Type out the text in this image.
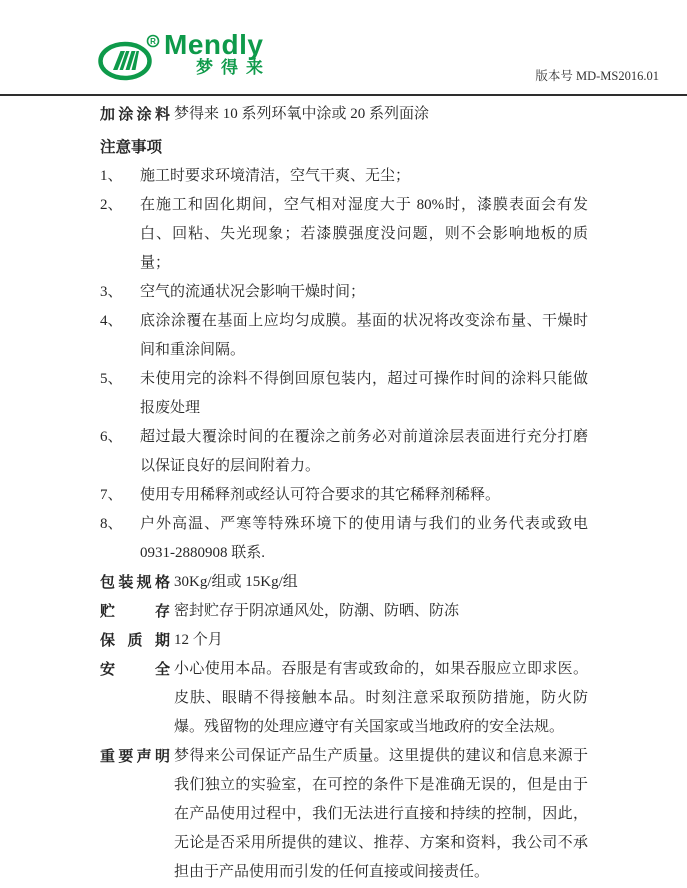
R Mendly
梦得来	版本号 MD-MS2016.01
加涂涂料 梦得来 10 系列环氧中涂或 20 系列面涂
注意事项
1、	施工时要求环境清洁，空气干爽、无尘；
2、	在施工和固化期间，空气相对湿度大于 80%时，漆膜表面会有发白、回粘、失光现象；若漆膜强度没问题，则不会影响地板的质量；
3、	空气的流通状况会影响干燥时间；
4、	底涂涂覆在基面上应均匀成膜。基面的状况将改变涂布量、干燥时间和重涂间隔。
5、	未使用完的涂料不得倒回原包装内，超过可操作时间的涂料只能做报废处理
6、	超过最大覆涂时间的在覆涂之前务必对前道涂层表面进行充分打磨以保证良好的层间附着力。
7、	使用专用稀释剂或经认可符合要求的其它稀释剂稀释。
8、	户外高温、严寒等特殊环境下的使用请与我们的业务代表或致电 0931-2880908 联系.
包装规格 30Kg/组或 15Kg/组
贮存 密封贮存于阴凉通风处，防潮、防晒、防冻
保质期 12 个月
安全 小心使用本品。吞服是有害或致命的，如果吞服应立即求医。皮肤、眼睛不得接触本品。时刻注意采取预防措施，防火防爆。残留物的处理应遵守有关国家或当地政府的安全法规。
重要声明 梦得来公司保证产品生产质量。这里提供的建议和信息来源于我们独立的实验室，在可控的条件下是准确无误的，但是由于在产品使用过程中，我们无法进行直接和持续的控制，因此，无论是否采用所提供的建议、推荐、方案和资料，我公司不承担由于产品使用而引发的任何直接或间接责任。
